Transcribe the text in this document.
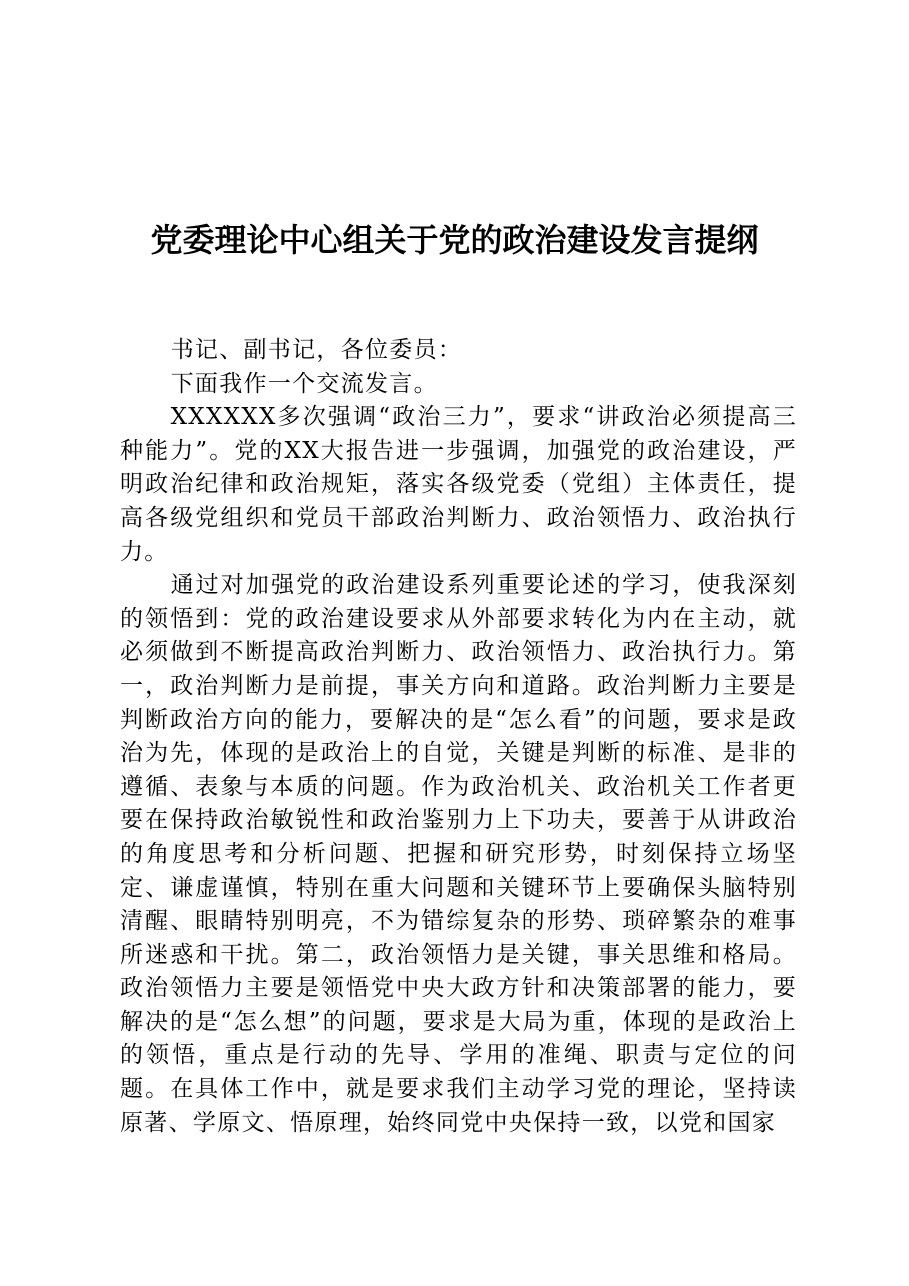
党委理论中心组关于党的政治建设发言提纲

书记、副书记，各位委员：

下面我作一个交流发言。

XXXXXX多次强调“政治三力”，要求“讲政治必须提高三种能力”。党的XX大报告进一步强调，加强党的政治建设，严明政治纪律和政治规矩，落实各级党委（党组）主体责任，提高各级党组织和党员干部政治判断力、政治领悟力、政治执行力。

通过对加强党的政治建设系列重要论述的学习，使我深刻的领悟到：党的政治建设要求从外部要求转化为内在主动，就必须做到不断提高政治判断力、政治领悟力、政治执行力。第一，政治判断力是前提，事关方向和道路。政治判断力主要是判断政治方向的能力，要解决的是“怎么看”的问题，要求是政治为先，体现的是政治上的自觉，关键是判断的标准、是非的遵循、表象与本质的问题。作为政治机关、政治机关工作者更要在保持政治敏锐性和政治鉴别力上下功夫，要善于从讲政治的角度思考和分析问题、把握和研究形势，时刻保持立场坚定、谦虚谨慎，特别在重大问题和关键环节上要确保头脑特别清醒、眼睛特别明亮，不为错综复杂的形势、琐碎繁杂的难事所迷惑和干扰。第二，政治领悟力是关键，事关思维和格局。政治领悟力主要是领悟党中央大政方针和决策部署的能力，要解决的是“怎么想”的问题，要求是大局为重，体现的是政治上的领悟，重点是行动的先导、学用的准绳、职责与定位的问题。在具体工作中，就是要求我们主动学习党的理论，坚持读原著、学原文、悟原理，始终同党中央保持一致，以党和国家
